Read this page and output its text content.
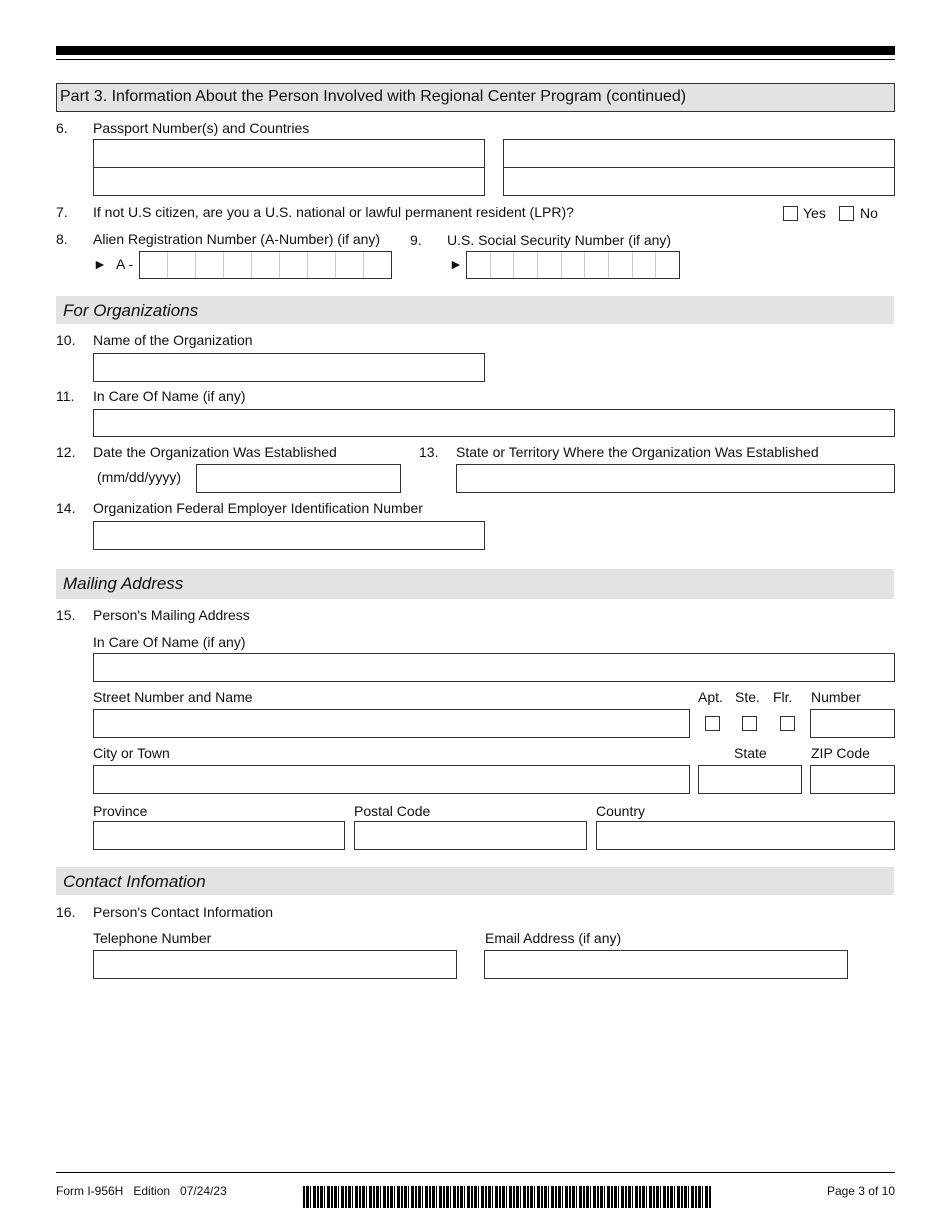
Part 3. Information About the Person Involved with Regional Center Program (continued)
6. Passport Number(s) and Countries
7. If not U.S citizen, are you a U.S. national or lawful permanent resident (LPR)?	Yes No
8. Alien Registration Number (A-Number) (if any)
► A -
9. U.S. Social Security Number (if any)
►
For Organizations
10. Name of the Organization
11. In Care Of Name (if any)
12. Date the Organization Was Established
(mm/dd/yyyy)
13. State or Territory Where the Organization Was Established
14. Organization Federal Employer Identification Number
Mailing Address
15. Person's Mailing Address
In Care Of Name (if any)
Street Number and Name	Apt. Ste. Flr. Number
City or Town	State	ZIP Code
Province	Postal Code	Country
Contact Infomation
16. Person's Contact Information
Telephone Number	Email Address (if any)
Form I-956H   Edition   07/24/23	Page 3 of 10
